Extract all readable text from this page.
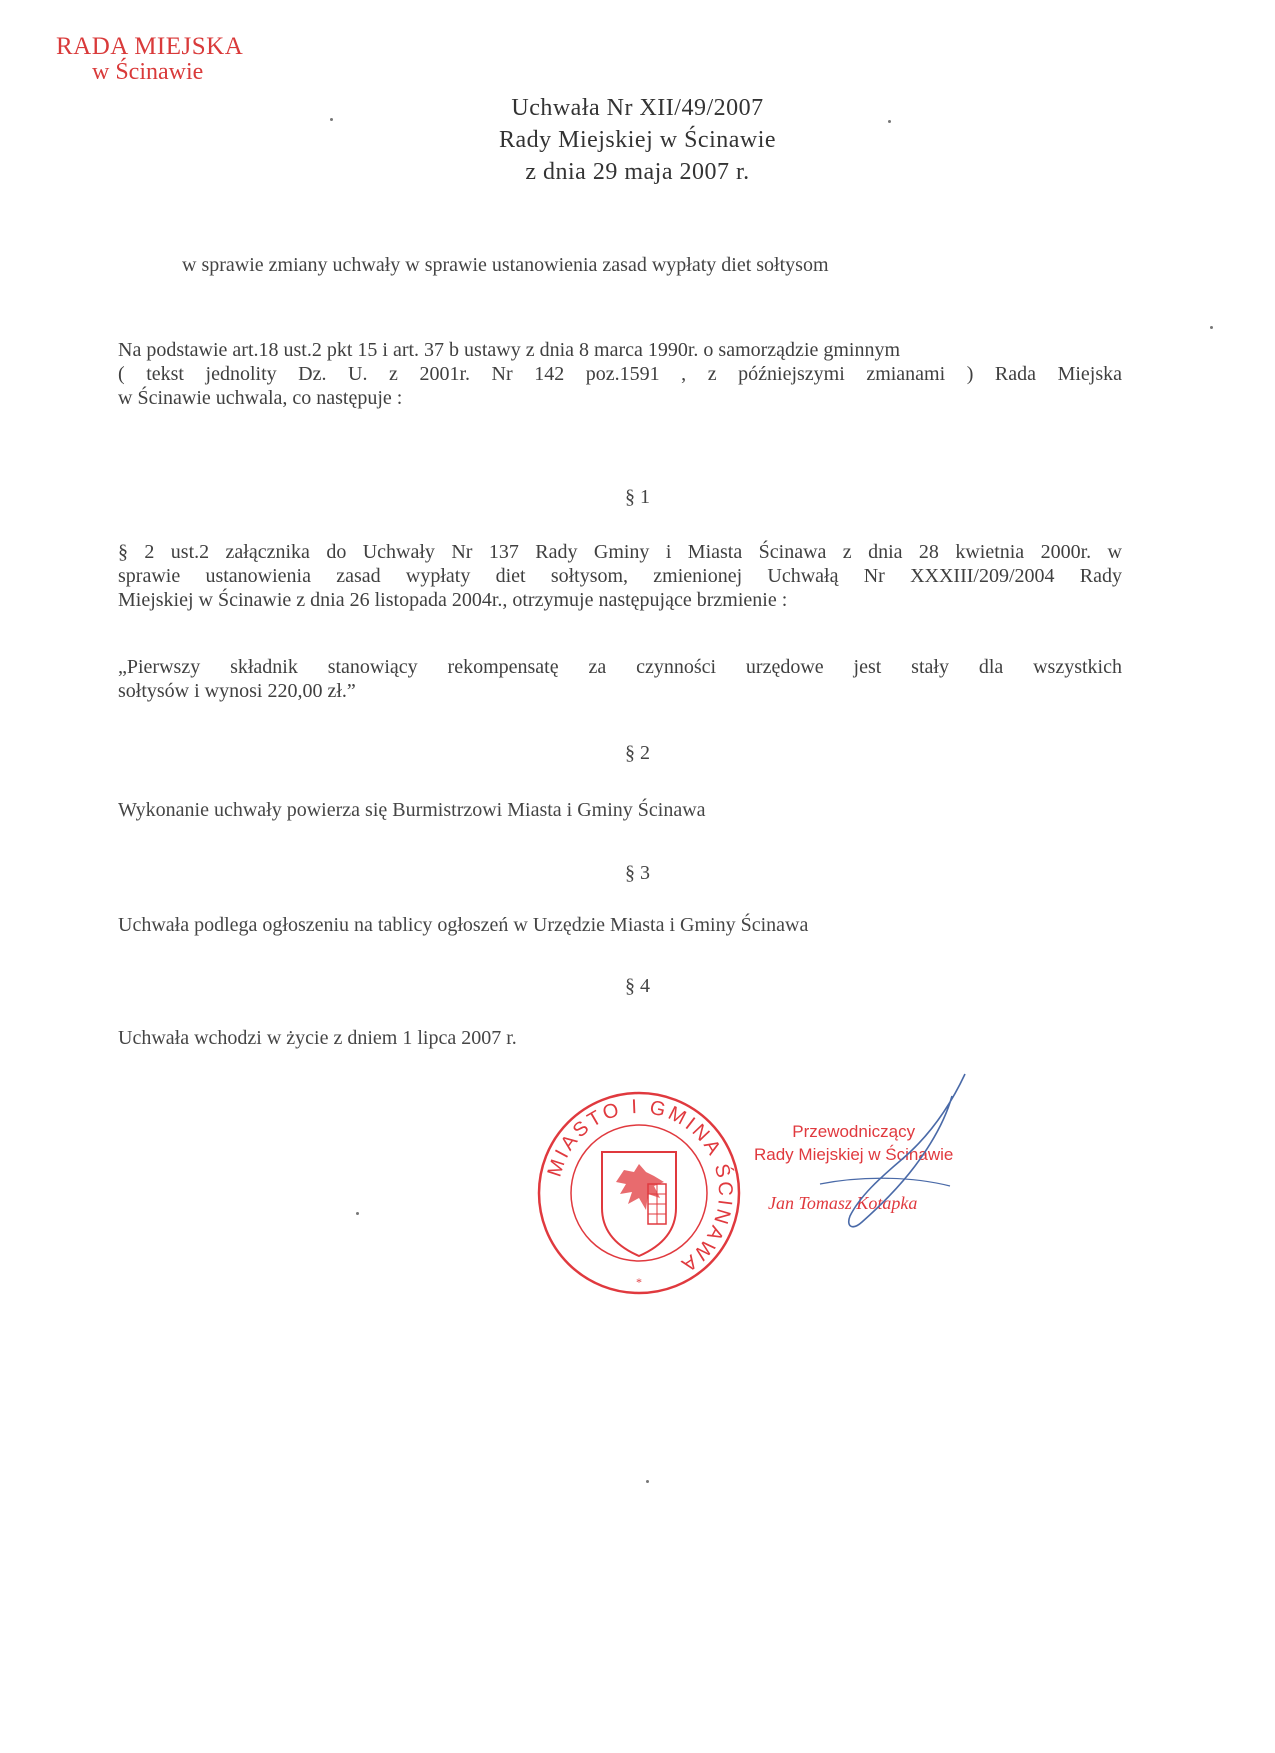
RADA MIEJSKA
w Ścinawie
Uchwała Nr XII/49/2007
Rady Miejskiej w Ścinawie
z dnia 29 maja 2007 r.
w sprawie zmiany uchwały w sprawie ustanowienia zasad wypłaty diet sołtysom
Na podstawie art.18 ust.2 pkt 15 i art. 37 b ustawy z dnia 8 marca 1990r. o samorządzie gminnym
( tekst jednolity Dz. U. z 2001r. Nr 142 poz.1591 , z późniejszymi zmianami ) Rada Miejska
w Ścinawie uchwala, co następuje :
§ 1
§ 2 ust.2 załącznika do Uchwały Nr 137 Rady Gminy i Miasta Ścinawa z dnia 28 kwietnia 2000r. w
sprawie ustanowienia zasad wypłaty diet sołtysom, zmienionej Uchwałą Nr XXXIII/209/2004 Rady
Miejskiej w Ścinawie z dnia 26 listopada 2004r., otrzymuje następujące brzmienie :
„Pierwszy składnik stanowiący rekompensatę za czynności urzędowe jest stały dla wszystkich
sołtysów i wynosi 220,00 zł.”
§ 2
Wykonanie uchwały powierza się Burmistrzowi Miasta i Gminy Ścinawa
§ 3
Uchwała podlega ogłoszeniu na tablicy ogłoszeń w Urzędzie Miasta i Gminy Ścinawa
§ 4
Uchwała wchodzi w życie z dniem 1 lipca 2007 r.
MIASTO I GMINA ŚCINAWA
*
Przewodniczący
Rady Miejskiej w Ścinawie
Jan Tomasz Kotapka
